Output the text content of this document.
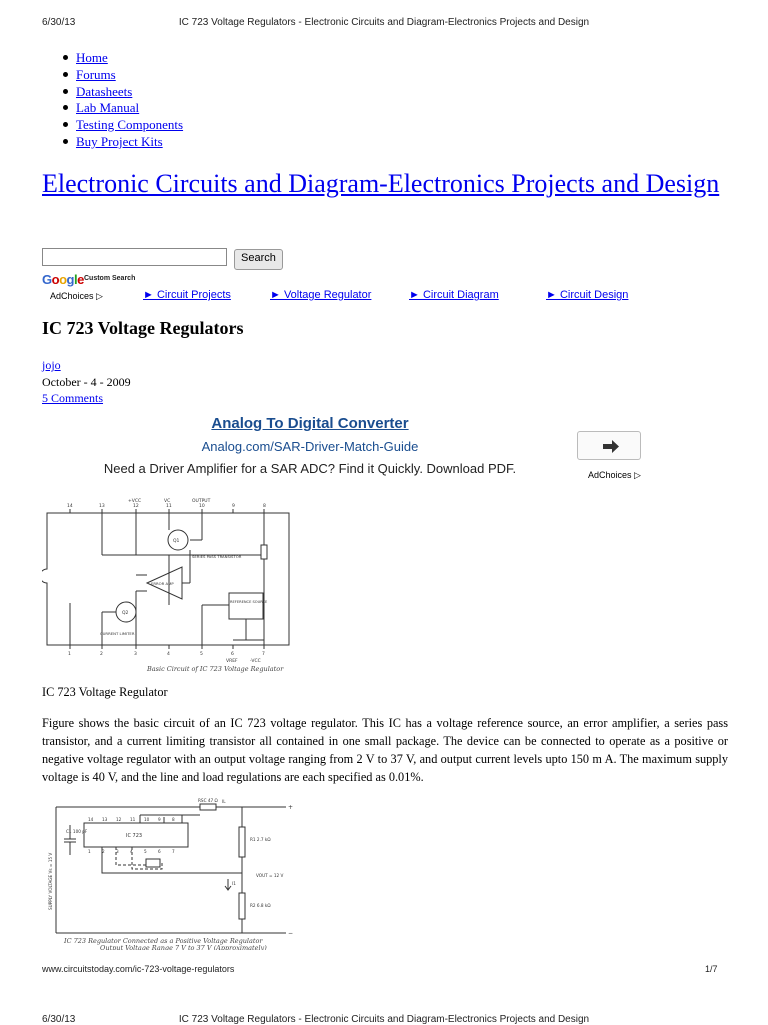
6/30/13	IC 723 Voltage Regulators - Electronic Circuits and Diagram-Electronics Projects and Design
Home
Forums
Datasheets
Lab Manual
Testing Components
Buy Project Kits
Electronic Circuits and Diagram-Electronics Projects and Design
Search
Google Custom Search
AdChoices ▷	► Circuit Projects	► Voltage Regulator	► Circuit Diagram	► Circuit Design
IC 723 Voltage Regulators
jojo
October - 4 - 2009
5 Comments
Analog To Digital Converter
Analog.com/SAR-Driver-Match-Guide
Need a Driver Amplifier for a SAR ADC? Find it Quickly. Download PDF.	AdChoices ▷
14	13	12	11	10	9	8
1	2	3	4	5	6	7
+VCC	VC	OUTPUT
Q1
SERIES PASS TRANSISTOR
ERROR AMP
REFERENCE SOURCE
Q2
CURRENT LIMITER
VREF	-VCC
Basic Circuit of IC 723 Voltage Regulator
IC 723 Voltage Regulator
Figure shows the basic circuit of an IC 723 voltage regulator. This IC has a voltage reference source, an error amplifier, a series pass transistor, and a current limiting transistor all contained in one small package. The device can be connected to operate as a positive or negative voltage regulator with an output voltage ranging from 2 V to 37 V, and output current levels upto 150 m A. The maximum supply voltage is 40 V, and the line and load regulations are each specified as 0.01%.
14 13 12 11 10 9	8
1	2	3	4	5	6	7
IC 723
C1 100 pF
RSC 47 Ω
R1 2.7 kΩ
R2 6.8 kΩ
VOUT = 12 V
IL
I1
+
−
SUPPLY VOLTAGE Vs = 15 V
IC 723 Regulator Connected as a Positive Voltage Regulator
Output Voltage Range 7 V to 37 V (Approximately)
www.circuitstoday.com/ic-723-voltage-regulators	1/7
6/30/13	IC 723 Voltage Regulators - Electronic Circuits and Diagram-Electronics Projects and Design
